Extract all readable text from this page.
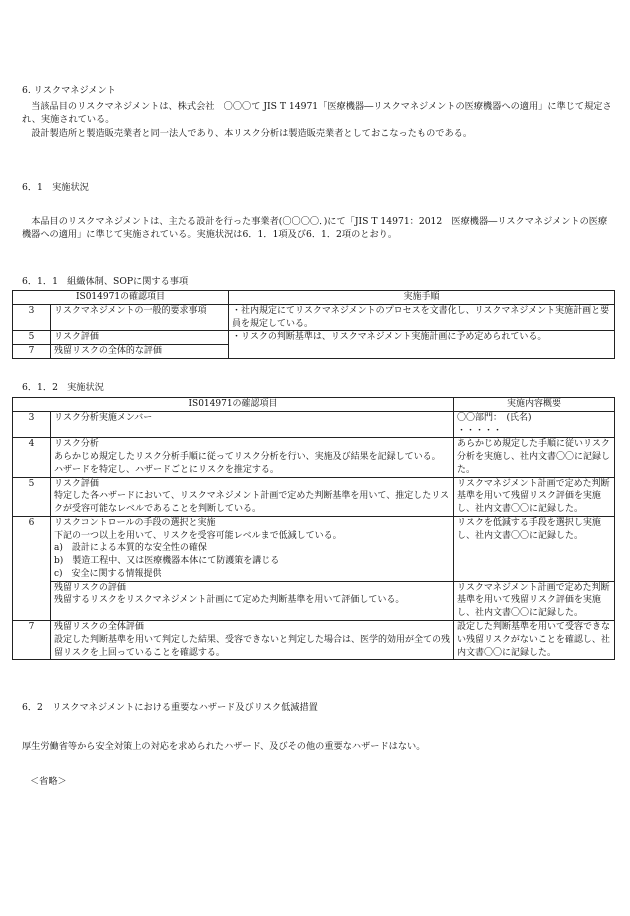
6. リスクマネジメント

当該品目のリスクマネジメントは、株式会社　〇〇〇て JIS T 14971「医療機器―リスクマネジメントの医療機器への適用」に準じて規定され、実施されている。

設計製造所と製造販売業者と同一法人であり、本リスク分析は製造販売業者としておこなったものである。

6．1　実施状況

本品目のリスクマネジメントは、主たる設計を行った事業者(〇〇〇〇．)にて「JIS T 14971：2012　医療機器―リスクマネジメントの医療機器への適用」に準じて実施されている。実施状況は6．1．1項及び6．1．2項のとおり。

6．1．1　組織体制、SOPに関する事項
IS014971の確認項目		実施手順
3	リスクマネジメントの一般的要求事項	・社内規定にてリスクマネジメントのプロセスを文書化し、リスクマネジメント実施計画と要員を規定している。
5	リスク評価	・リスクの判断基準は、リスクマネジメント実施計画に予め定められている。
7	残留リスクの全体的な評価	
6．1．2　実施状況
IS014971の確認項目		実施内容概要
3	リスク分析実施メンバー	〇〇部門：　(氏名)
・・・・・

4	リスク分析
あらかじめ規定したリスク分析手順に従ってリスク分析を行い、実施及び結果を記録している。
ハザードを特定し、ハザードごとにリスクを推定する。	あらかじめ規定した手順に従いリスク分析を実施し、社内文書〇〇に記録した。
5	リスク評価
特定した各ハザードにおいて、リスクマネジメント計画で定めた判断基準を用いて、推定したリスクが受容可能なレベルであることを判断している。	リスクマネジメント計画で定めた判断基準を用いて残留リスク評価を実施し、社内文書〇〇に記録した。
6	リスクコントロールの手段の選択と実施
下記の一つ以上を用いて、リスクを受容可能レベルまで低減している。
a)　設計による本質的な安全性の確保
b)　製造工程中、又は医療機器本体にて防護策を講じる
c)　安全に関する情報提供	リスクを低減する手段を選択し実施し、社内文書〇〇に記録した。

	残留リスクの評価
残留するリスクをリスクマネジメント計画にて定めた判断基準を用いて評価している。	リスクマネジメント計画で定めた判断基準を用いて残留リスク評価を実施し、社内文書〇〇に記録した。
7	残留リスクの全体評価
設定した判断基準を用いて判定した結果、受容できないと判定した場合は、医学的効用が全ての残留リスクを上回っていることを確認する。	設定した判断基準を用いて受容できない残留リスクがないことを確認し、社内文書〇〇に記録した。
6．2　リスクマネジメントにおける重要なハザード及びリスク低減措置
厚生労働省等から安全対策上の対応を求められたハザード、及びその他の重要なハザードはない。
＜省略＞
